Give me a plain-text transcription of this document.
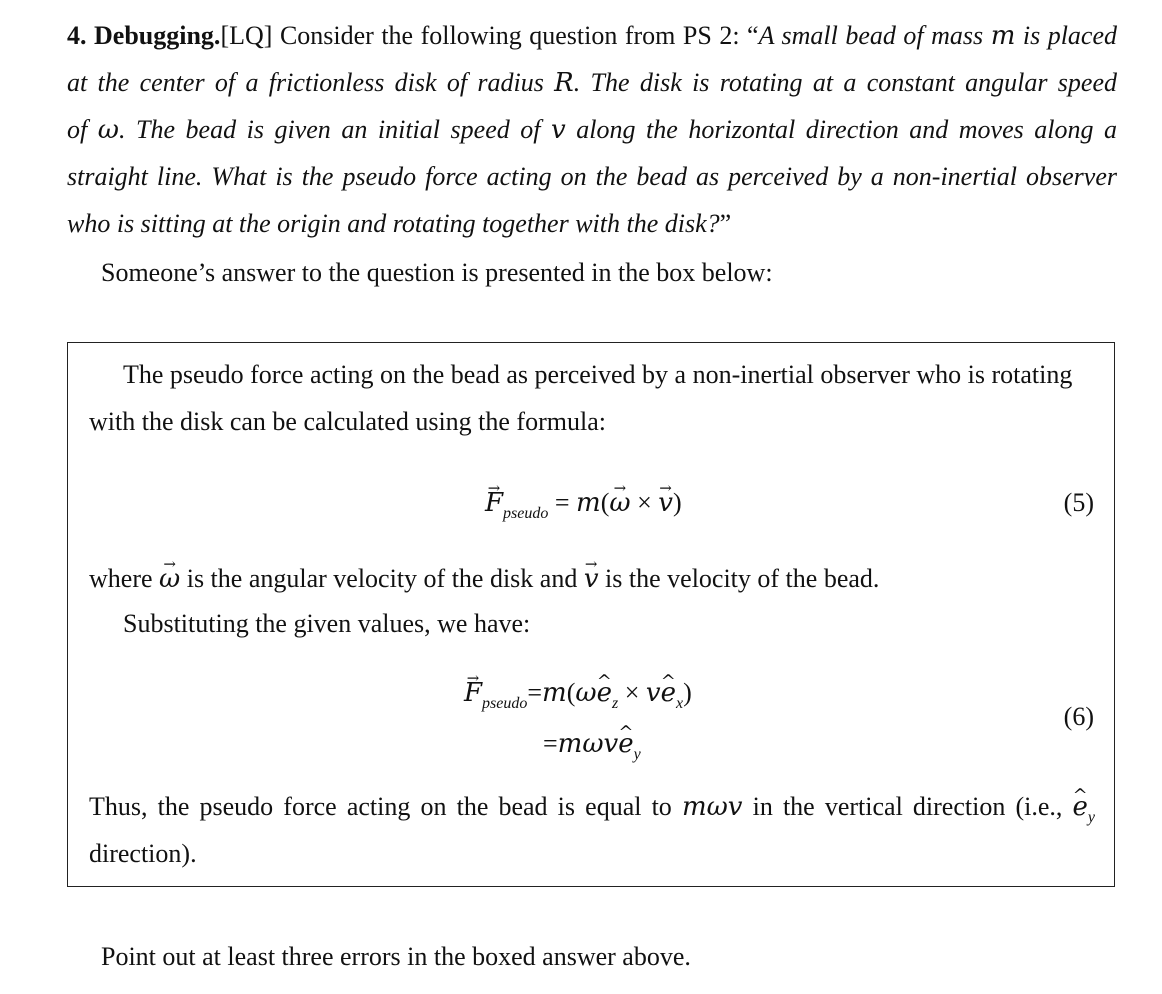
4. Debugging.[LQ] Consider the following question from PS 2: “A small bead of mass m is placed
at the center of a frictionless disk of radius R. The disk is rotating at a constant angular speed
of ω. The bead is given an initial speed of v along the horizontal direction and moves along a
straight line. What is the pseudo force acting on the bead as perceived by a non-inertial observer
who is sitting at the origin and rotating together with the disk?”
Someone’s answer to the question is presented in the box below:
The pseudo force acting on the bead as perceived by a non-inertial observer who is rotating
with the disk can be calculated using the formula:
→ $F_{pseudo} = m(\to \omega$ × → v)	(5)
where → ω is the angular velocity of the disk and → v is the velocity of the bead.
Substituting the given values, we have:
→ $F_{pseudo}=m(\omega\^{}$ $e_z$ × v^ $e_x$)
(6)
=mωv^ $e_y$
Thus, the pseudo force acting on the bead is equal to mωv in the vertical direction (i.e., ^ $e_y$
direction).
Point out at least three errors in the boxed answer above.
